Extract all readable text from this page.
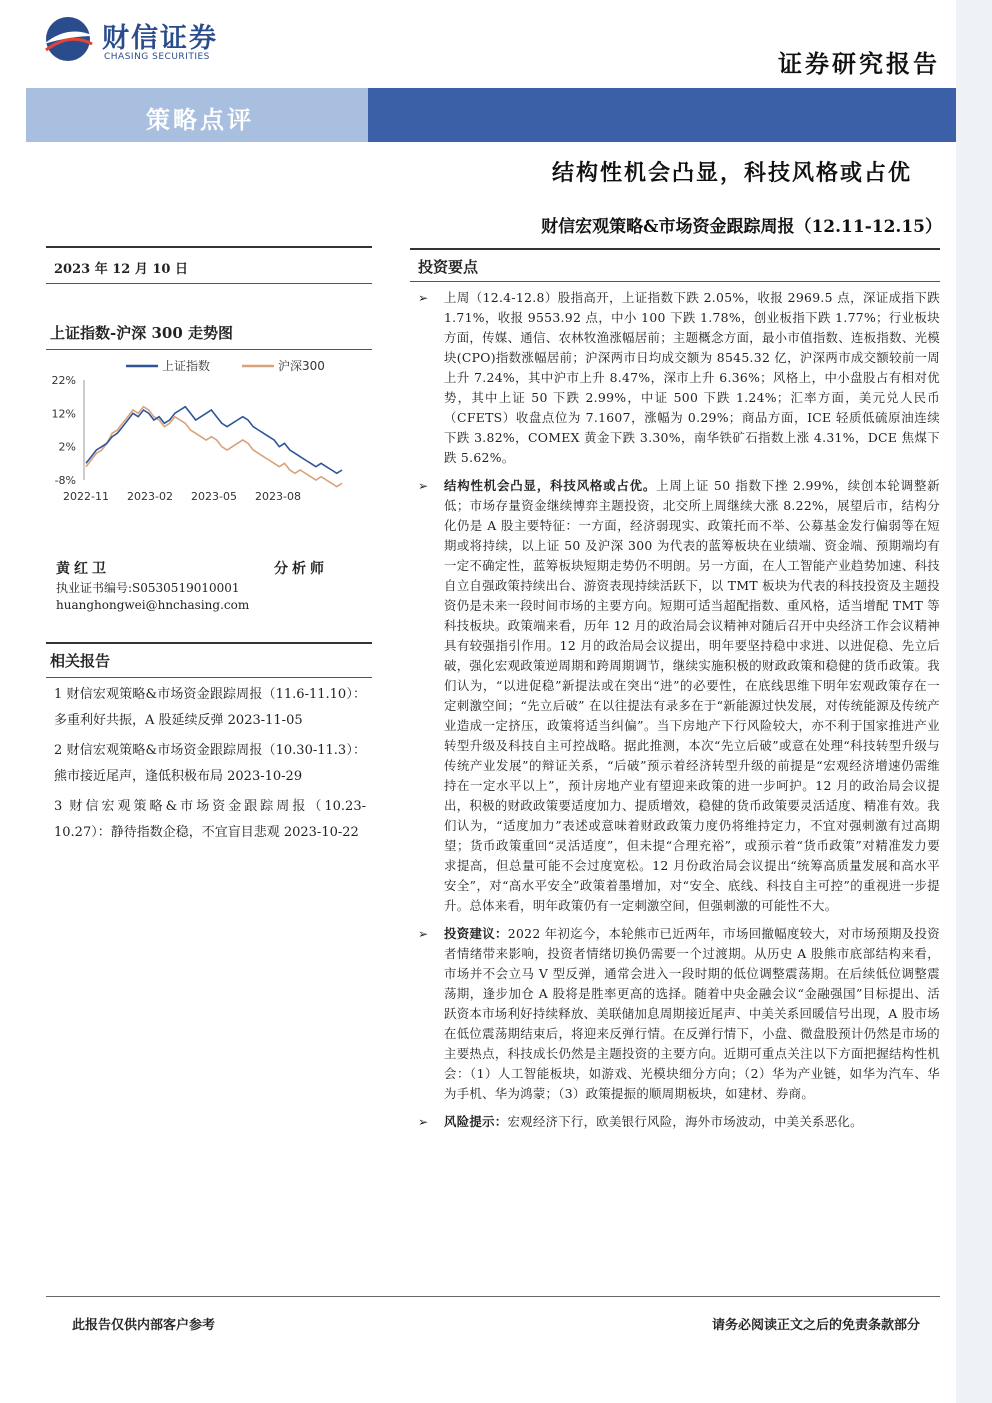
财信证券
CHASING SECURITIES	证券研究报告
策略点评
结构性机会凸显，科技风格或占优
财信宏观策略&市场资金跟踪周报（12.11-12.15）
2023 年 12 月 10 日
上证指数-沪深 300 走势图
上证指数	沪深300
22%
12%
2%
-8%
2022-11 2023-02 2023-05 2023-08
黄红卫	分析师
执业证书编号:S0530519010001
huanghongwei@hnchasing.com
相关报告
1 财信宏观策略&市场资金跟踪周报（11.6-11.10）：多重利好共振，A 股延续反弹 2023-11-05
2 财信宏观策略&市场资金跟踪周报（10.30-11.3）：熊市接近尾声，逢低积极布局 2023-10-29
3 财信宏观策略&市场资金跟踪周报（10.23-10.27）：静待指数企稳，不宜盲目悲观 2023-10-22
投资要点
➢ 上周（12.4-12.8）股指高开，上证指数下跌 2.05%，收报 2969.5 点，深证成指下跌 1.71%，收报 9553.92 点，中小 100 下跌 1.78%，创业板指下跌 1.77%；行业板块方面，传媒、通信、农林牧渔涨幅居前；主题概念方面，最小市值指数、连板指数、光模块(CPO)指数涨幅居前；沪深两市日均成交额为 8545.32 亿，沪深两市成交额较前一周上升 7.24%，其中沪市上升 8.47%，深市上升 6.36%；风格上，中小盘股占有相对优势，其中上证 50 下跌 2.99%，中证 500 下跌 1.24%；汇率方面，美元兑人民币（CFETS）收盘点位为 7.1607，涨幅为 0.29%；商品方面，ICE 轻质低硫原油连续下跌 3.82%，COMEX 黄金下跌 3.30%，南华铁矿石指数上涨 4.31%，DCE 焦煤下跌 5.62%。
➢ 结构性机会凸显，科技风格或占优。上周上证 50 指数下挫 2.99%，续创本轮调整新低；市场存量资金继续博弈主题投资，北交所上周继续大涨 8.22%，展望后市，结构分化仍是 A 股主要特征：一方面，经济弱现实、政策托而不举、公募基金发行偏弱等在短期或将持续，以上证 50 及沪深 300 为代表的蓝筹板块在业绩端、资金端、预期端均有一定不确定性，蓝筹板块短期走势仍不明朗。另一方面，在人工智能产业趋势加速、科技自立自强政策持续出台、游资表现持续活跃下，以 TMT 板块为代表的科技投资及主题投资仍是未来一段时间市场的主要方向。短期可适当超配指数、重风格，适当增配 TMT 等科技板块。政策端来看，历年 12 月的政治局会议精神对随后召开中央经济工作会议精神具有较强指引作用。12 月的政治局会议提出，明年要坚持稳中求进、以进促稳、先立后破，强化宏观政策逆周期和跨周期调节，继续实施积极的财政政策和稳健的货币政策。我们认为，“以进促稳”新提法或在突出“进”的必要性，在底线思维下明年宏观政策存在一定刺激空间；“先立后破” 在以往提法有录多在于“新能源过快发展，对传统能源及传统产业造成一定挤压，政策将适当纠偏”。当下房地产下行风险较大，亦不利于国家推进产业转型升级及科技自主可控战略。据此推测，本次“先立后破”或意在处理“科技转型升级与传统产业发展”的辩证关系，“后破”预示着经济转型升级的前提是“宏观经济增速仍需维持在一定水平以上”，预计房地产业有望迎来政策的进一步呵护。12 月的政治局会议提出，积极的财政政策要适度加力、提质增效，稳健的货币政策要灵活适度、精准有效。我们认为，“适度加力”表述或意味着财政政策力度仍将维持定力，不宜对强刺激有过高期望；货币政策重回“灵活适度”，但未提“合理充裕”，或预示着“货币政策”对精准发力要求提高，但总量可能不会过度宽松。12 月份政治局会议提出“统筹高质量发展和高水平安全”，对“高水平安全”政策着墨增加，对“安全、底线、科技自主可控”的重视进一步提升。总体来看，明年政策仍有一定刺激空间，但强刺激的可能性不大。
➢ 投资建议：2022 年初迄今，本轮熊市已近两年，市场回撤幅度较大，对市场预期及投资者情绪带来影响，投资者情绪切换仍需要一个过渡期。从历史 A 股熊市底部结构来看，市场并不会立马 V 型反弹，通常会进入一段时期的低位调整震荡期。在后续低位调整震荡期，逢步加仓 A 股将是胜率更高的选择。随着中央金融会议“金融强国”目标提出、活跃资本市场利好持续释放、美联储加息周期接近尾声、中美关系回暖信号出现，A 股市场在低位震荡期结束后，将迎来反弹行情。在反弹行情下，小盘、微盘股预计仍然是市场的主要热点，科技成长仍然是主题投资的主要方向。近期可重点关注以下方面把握结构性机会：（1）人工智能板块，如游戏、光模块细分方向；（2）华为产业链，如华为汽车、华为手机、华为鸿蒙；（3）政策提振的顺周期板块，如建材、券商。
➢ 风险提示：宏观经济下行，欧美银行风险，海外市场波动，中美关系恶化。
此报告仅供内部客户参考	请务必阅读正文之后的免责条款部分
